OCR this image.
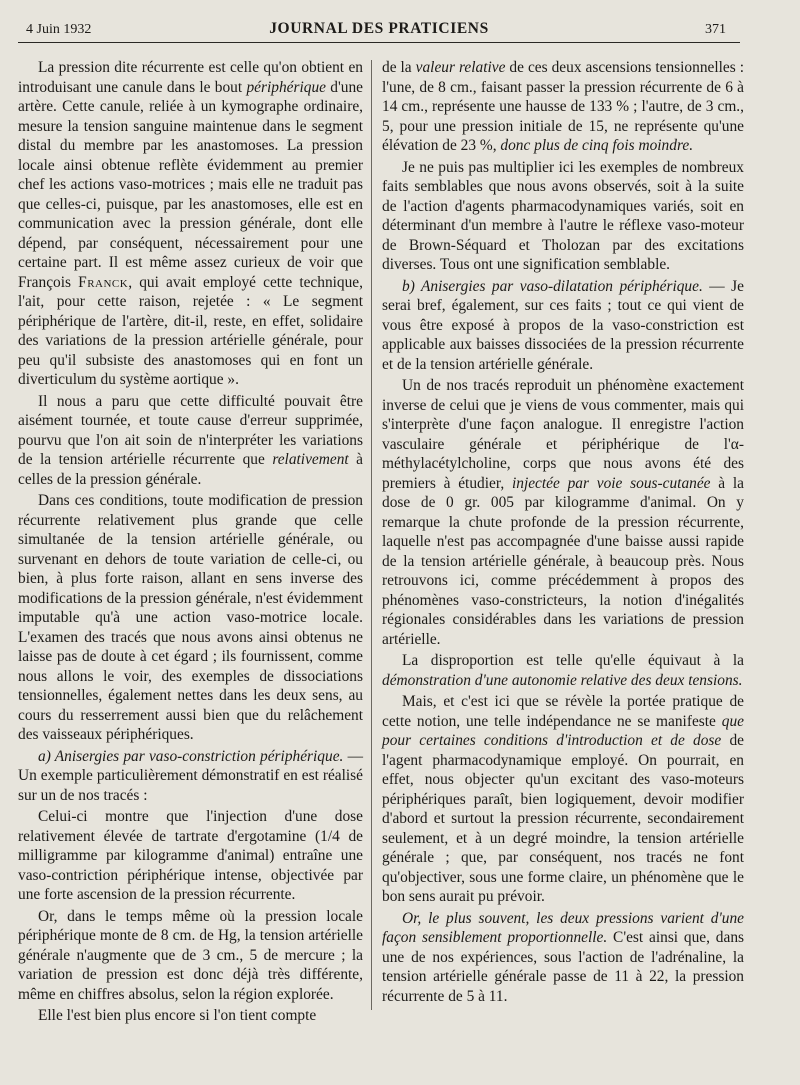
4 Juin 1932	JOURNAL DES PRATICIENS	371

La pression dite récurrente est celle qu'on obtient en introduisant une canule dans le bout périphérique d'une artère. Cette canule, reliée à un kymographe ordinaire, mesure la tension sanguine maintenue dans le segment distal du membre par les anastomoses. La pression locale ainsi obtenue reflète évidemment au premier chef les actions vaso-motrices ; mais elle ne traduit pas que celles-ci, puisque, par les anastomoses, elle est en communication avec la pression générale, dont elle dépend, par conséquent, nécessairement pour une certaine part. Il est même assez curieux de voir que François Franck, qui avait employé cette technique, l'ait, pour cette raison, rejetée : « Le segment périphérique de l'artère, dit-il, reste, en effet, solidaire des variations de la pression artérielle générale, pour peu qu'il subsiste des anastomoses qui en font un diverticulum du système aortique ».

Il nous a paru que cette difficulté pouvait être aisément tournée, et toute cause d'erreur supprimée, pourvu que l'on ait soin de n'interpréter les variations de la tension artérielle récurrente que relativement à celles de la pression générale.

Dans ces conditions, toute modification de pression récurrente relativement plus grande que celle simultanée de la tension artérielle générale, ou survenant en dehors de toute variation de celle-ci, ou bien, à plus forte raison, allant en sens inverse des modifications de la pression générale, n'est évidemment imputable qu'à une action vaso-motrice locale. L'examen des tracés que nous avons ainsi obtenus ne laisse pas de doute à cet égard ; ils fournissent, comme nous allons le voir, des exemples de dissociations tensionnelles, également nettes dans les deux sens, au cours du resserrement aussi bien que du relâchement des vaisseaux périphériques.

a) Anisergies par vaso-constriction périphérique. — Un exemple particulièrement démonstratif en est réalisé sur un de nos tracés :

Celui-ci montre que l'injection d'une dose relativement élevée de tartrate d'ergotamine (1/4 de milligramme par kilogramme d'animal) entraîne une vaso-contriction périphérique intense, objectivée par une forte ascension de la pression récurrente.

Or, dans le temps même où la pression locale périphérique monte de 8 cm. de Hg, la tension artérielle générale n'augmente que de 3 cm., 5 de mercure ; la variation de pression est donc déjà très différente, même en chiffres absolus, selon la région explorée.

Elle l'est bien plus encore si l'on tient compte

de la valeur relative de ces deux ascensions tensionnelles : l'une, de 8 cm., faisant passer la pression récurrente de 6 à 14 cm., représente une hausse de 133 % ; l'autre, de 3 cm., 5, pour une pression initiale de 15, ne représente qu'une élévation de 23 %, donc plus de cinq fois moindre.

Je ne puis pas multiplier ici les exemples de nombreux faits semblables que nous avons observés, soit à la suite de l'action d'agents pharmacodynamiques variés, soit en déterminant d'un membre à l'autre le réflexe vaso-moteur de Brown-Séquard et Tholozan par des excitations diverses. Tous ont une signification semblable.

b) Anisergies par vaso-dilatation périphérique. — Je serai bref, également, sur ces faits ; tout ce qui vient de vous être exposé à propos de la vaso-constriction est applicable aux baisses dissociées de la pression récurrente et de la tension artérielle générale.

Un de nos tracés reproduit un phénomène exactement inverse de celui que je viens de vous commenter, mais qui s'interprète d'une façon analogue. Il enregistre l'action vasculaire générale et périphérique de l'α-méthylacétylcholine, corps que nous avons été des premiers à étudier, injectée par voie sous-cutanée à la dose de 0 gr. 005 par kilogramme d'animal. On y remarque la chute profonde de la pression récurrente, laquelle n'est pas accompagnée d'une baisse aussi rapide de la tension artérielle générale, à beaucoup près. Nous retrouvons ici, comme précédemment à propos des phénomènes vaso-constricteurs, la notion d'inégalités régionales considérables dans les variations de pression artérielle.

La disproportion est telle qu'elle équivaut à la démonstration d'une autonomie relative des deux tensions.

Mais, et c'est ici que se révèle la portée pratique de cette notion, une telle indépendance ne se manifeste que pour certaines conditions d'introduction et de dose de l'agent pharmacodynamique employé. On pourrait, en effet, nous objecter qu'un excitant des vaso-moteurs périphériques paraît, bien logiquement, devoir modifier d'abord et surtout la pression récurrente, secondairement seulement, et à un degré moindre, la tension artérielle générale ; que, par conséquent, nos tracés ne font qu'objectiver, sous une forme claire, un phénomène que le bon sens aurait pu prévoir.

Or, le plus souvent, les deux pressions varient d'une façon sensiblement proportionnelle. C'est ainsi que, dans une de nos expériences, sous l'action de l'adrénaline, la tension artérielle générale passe de 11 à 22, la pression récurrente de 5 à 11.
